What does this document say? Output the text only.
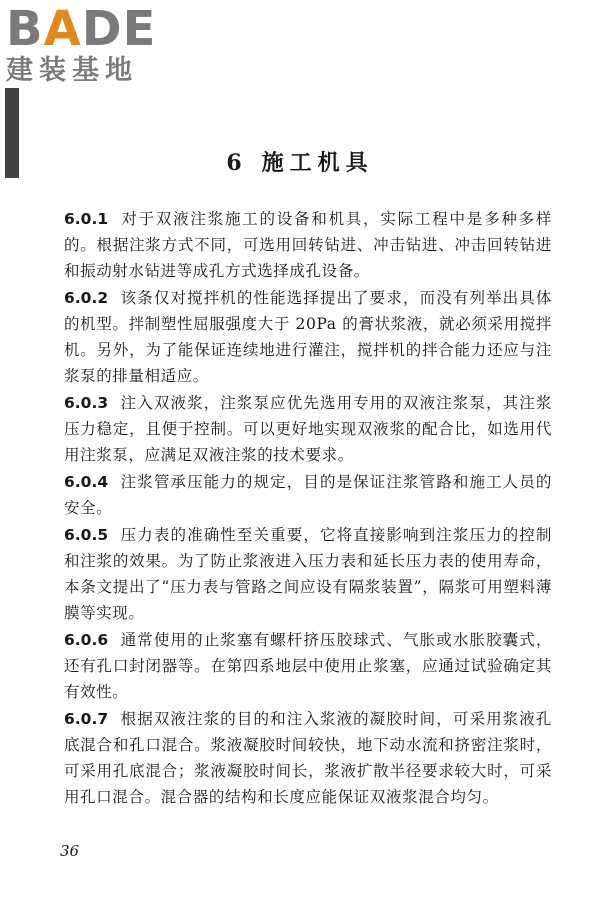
BADE
建装基地
6 施工机具

6.0.1 对于双液注浆施工的设备和机具，实际工程中是多种多样的。根据注浆方式不同，可选用回转钻进、冲击钻进、冲击回转钻进和振动射水钻进等成孔方式选择成孔设备。

6.0.2 该条仅对搅拌机的性能选择提出了要求，而没有列举出具体的机型。拌制塑性屈服强度大于 20Pa 的膏状浆液，就必须采用搅拌机。另外，为了能保证连续地进行灌注，搅拌机的拌合能力还应与注浆泵的排量相适应。

6.0.3 注入双液浆，注浆泵应优先选用专用的双液注浆泵，其注浆压力稳定，且便于控制。可以更好地实现双液浆的配合比，如选用代用注浆泵，应满足双液注浆的技术要求。

6.0.4 注浆管承压能力的规定，目的是保证注浆管路和施工人员的安全。

6.0.5 压力表的准确性至关重要，它将直接影响到注浆压力的控制和注浆的效果。为了防止浆液进入压力表和延长压力表的使用寿命，本条文提出了“压力表与管路之间应设有隔浆装置”，隔浆可用塑料薄膜等实现。

6.0.6 通常使用的止浆塞有螺杆挤压胶球式、气胀或水胀胶囊式，还有孔口封闭器等。在第四系地层中使用止浆塞，应通过试验确定其有效性。

6.0.7 根据双液注浆的目的和注入浆液的凝胶时间，可采用浆液孔底混合和孔口混合。浆液凝胶时间较快，地下动水流和挤密注浆时，可采用孔底混合；浆液凝胶时间长，浆液扩散半径要求较大时，可采用孔口混合。混合器的结构和长度应能保证双液浆混合均匀。

36
